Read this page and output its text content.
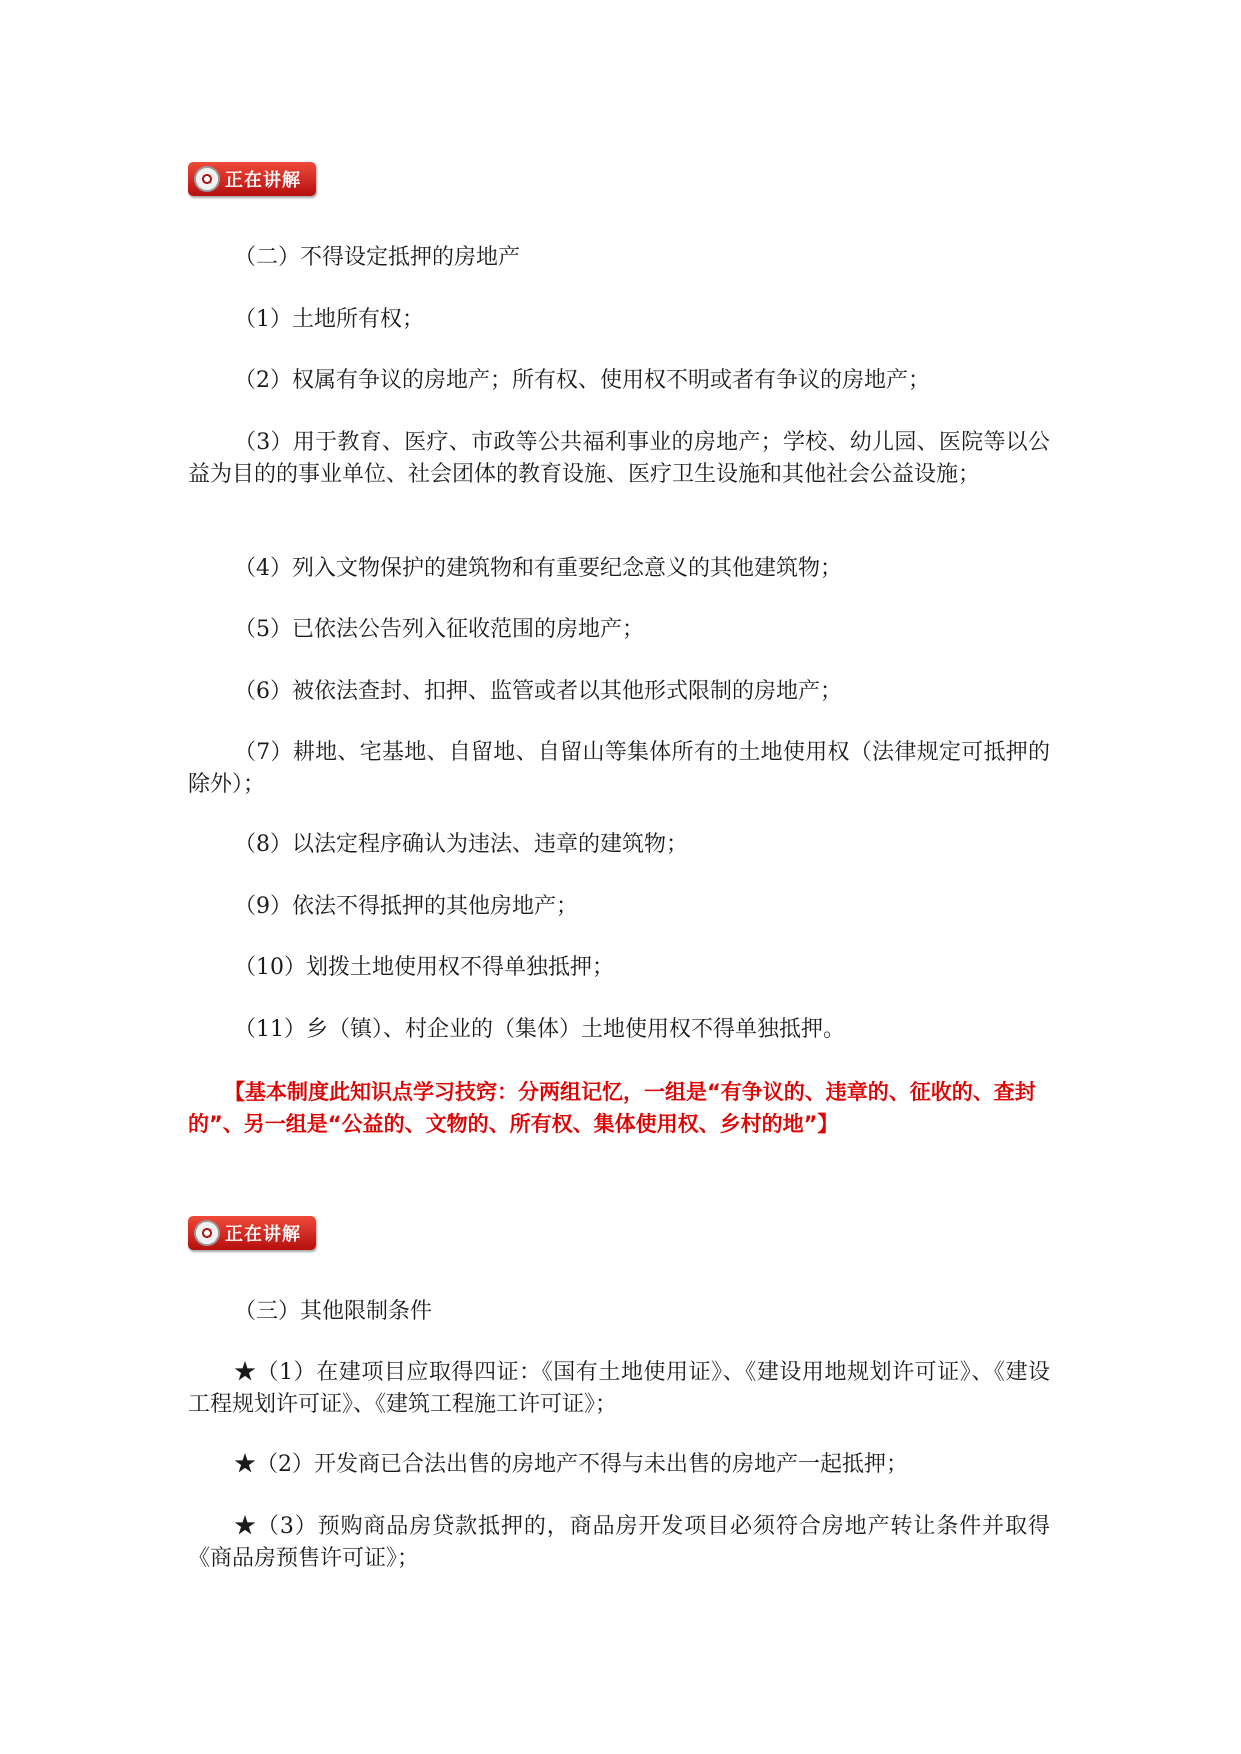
正在讲解
（二）不得设定抵押的房地产
（1）土地所有权；
（2）权属有争议的房地产；所有权、使用权不明或者有争议的房地产；
（3）用于教育、医疗、市政等公共福利事业的房地产；学校、幼儿园、医院等以公益为目的的事业单位、社会团体的教育设施、医疗卫生设施和其他社会公益设施；
（4）列入文物保护的建筑物和有重要纪念意义的其他建筑物；
（5）已依法公告列入征收范围的房地产；
（6）被依法查封、扣押、监管或者以其他形式限制的房地产；
（7）耕地、宅基地、自留地、自留山等集体所有的土地使用权（法律规定可抵押的除外）；
（8）以法定程序确认为违法、违章的建筑物；
（9）依法不得抵押的其他房地产；
（10）划拨土地使用权不得单独抵押；
（11）乡（镇）、村企业的（集体）土地使用权不得单独抵押。
【基本制度此知识点学习技窍：分两组记忆，一组是“有争议的、违章的、征收的、查封的”、另一组是“公益的、文物的、所有权、集体使用权、乡村的地”】
正在讲解
（三）其他限制条件
★（1）在建项目应取得四证：《国有土地使用证》、《建设用地规划许可证》、《建设工程规划许可证》、《建筑工程施工许可证》；
★（2）开发商已合法出售的房地产不得与未出售的房地产一起抵押；
★（3）预购商品房贷款抵押的，商品房开发项目必须符合房地产转让条件并取得《商品房预售许可证》；
